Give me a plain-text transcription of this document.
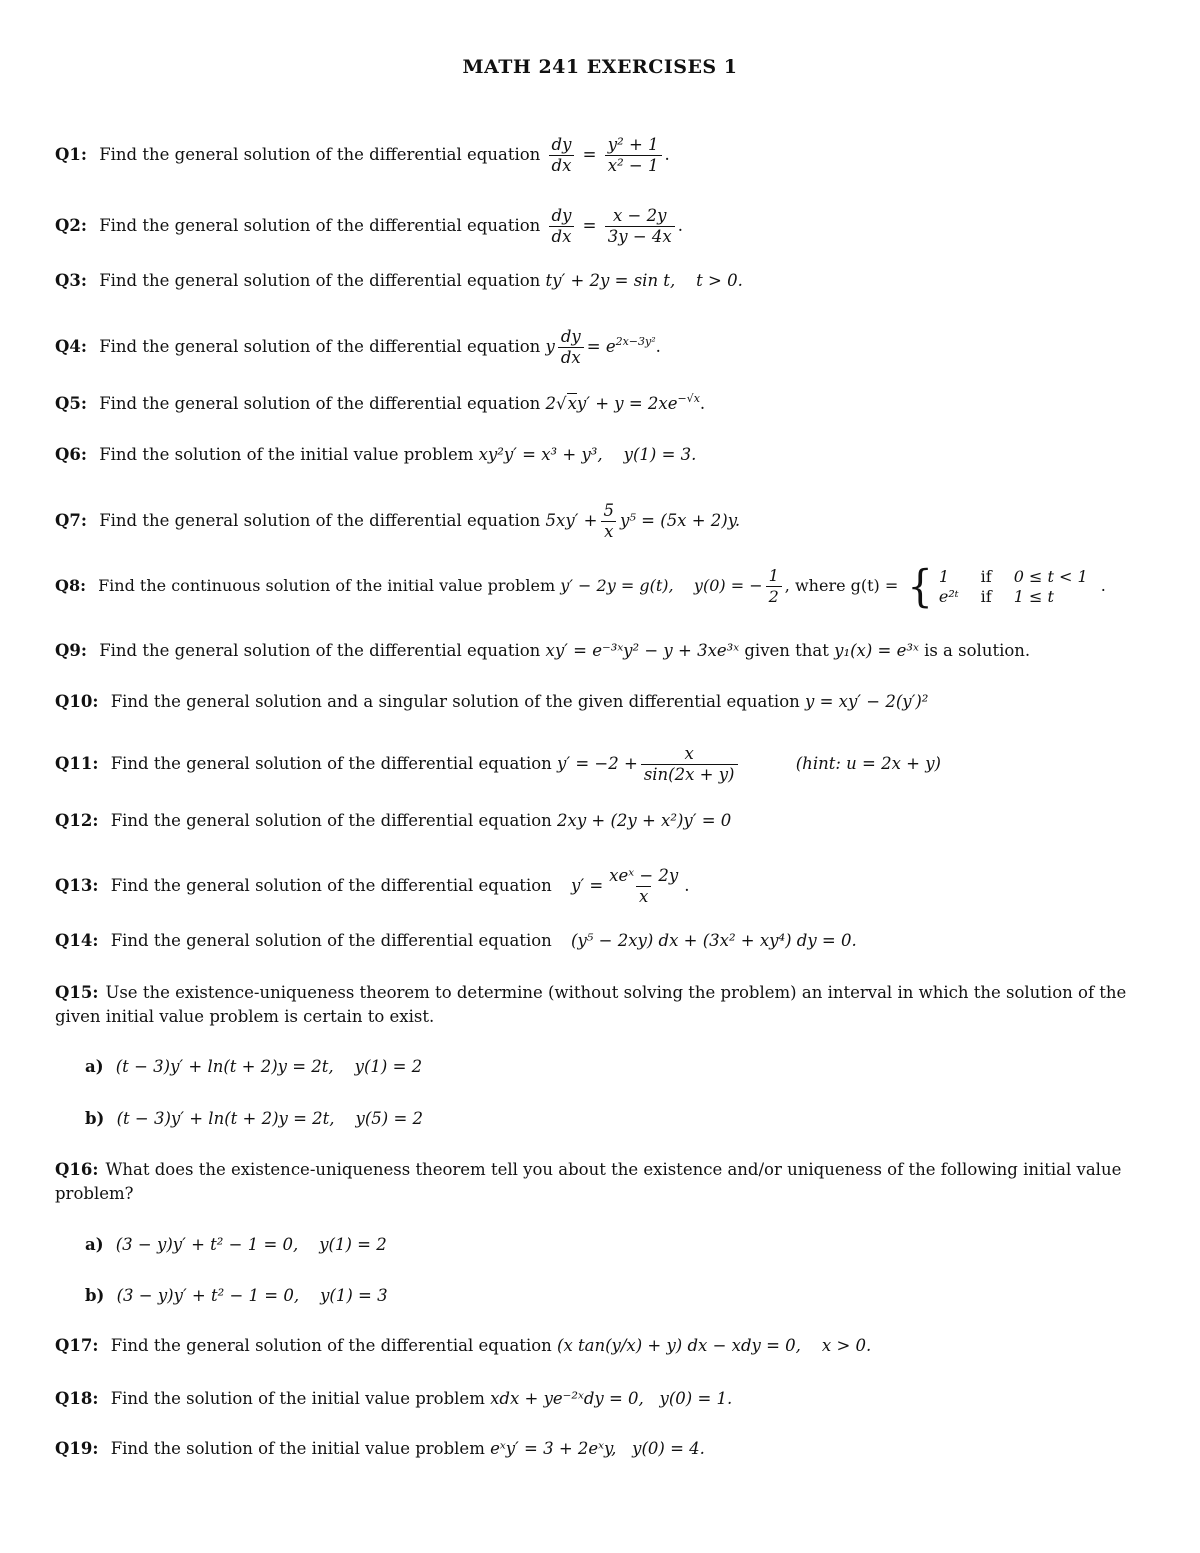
MATH 241 EXERCISES 1
Q1: Find the general solution of the differential equation $\frac{dy}{dx} = \frac{\text{y² + 1}}{\text{x² − 1}}$ .
Q2: Find the general solution of the differential equation $\frac{dy}{dx} = \frac{x - 2y}{3y - 4x}$ .
Q3: Find the general solution of the differential equation ty′ + 2y = sin t,    t > 0.
Q4: Find the general solution of the differential equation y $\frac{dy}{dx} = e^{2x-3y^2}$.
Q5: Find the general solution of the differential equation $2√xy' + y = 2xe^{-√x}$.
Q6: Find the solution of the initial value problem xy²y′ = x³ + y³,    y(1) = 3.
Q7: Find the general solution of the differential equation $5xy' + \frac{5}{x} y^5 = (5x + 2)y$.
Q8: Find the continuous solution of the initial value problem y′ − 2y = g(t),    y(0) = − $\frac{1}{2}$ , where g(t) = { 1	if 0 ≤ t < 1
e²ᵗ if 1 ≤ t
.
Q9: Find the general solution of the differential equation xy′ = e⁻³ˣy² − y + 3xe³ˣ given that y₁(x) = e³ˣ is a solution.
Q10: Find the general solution and a singular solution of the given differential equation y = xy′ − 2(y′)²
Q11: Find the general solution of the differential equation $y' = -2 + \frac{x}{\sin(2x + y)}$	(hint: u = 2x + y)
Q12: Find the general solution of the differential equation 2xy + (2y + x²)y′ = 0
Q13: Find the general solution of the differential equation $y' = \frac{\text{xeˣ − 2y}}{x}$ .
Q14: Find the general solution of the differential equation (y⁵ − 2xy) dx + (3x² + xy⁴) dy = 0.
Q15: Use the existence-uniqueness theorem to determine (without solving the problem) an interval in which the solution of the given initial value problem is certain to exist.
a) (t − 3)y′ + ln(t + 2)y = 2t,    y(1) = 2
b) (t − 3)y′ + ln(t + 2)y = 2t,    y(5) = 2
Q16: What does the existence-uniqueness theorem tell you about the existence and/or uniqueness of the following initial value problem?
a) (3 − y)y′ + t² − 1 = 0,    y(1) = 2
b) (3 − y)y′ + t² − 1 = 0,    y(1) = 3
Q17: Find the general solution of the differential equation (x tan(y/x) + y) dx − xdy = 0,    x > 0.
Q18: Find the solution of the initial value problem xdx + ye⁻²ˣdy = 0,   y(0) = 1.
Q19: Find the solution of the initial value problem eˣy′ = 3 + 2eˣy,   y(0) = 4.
